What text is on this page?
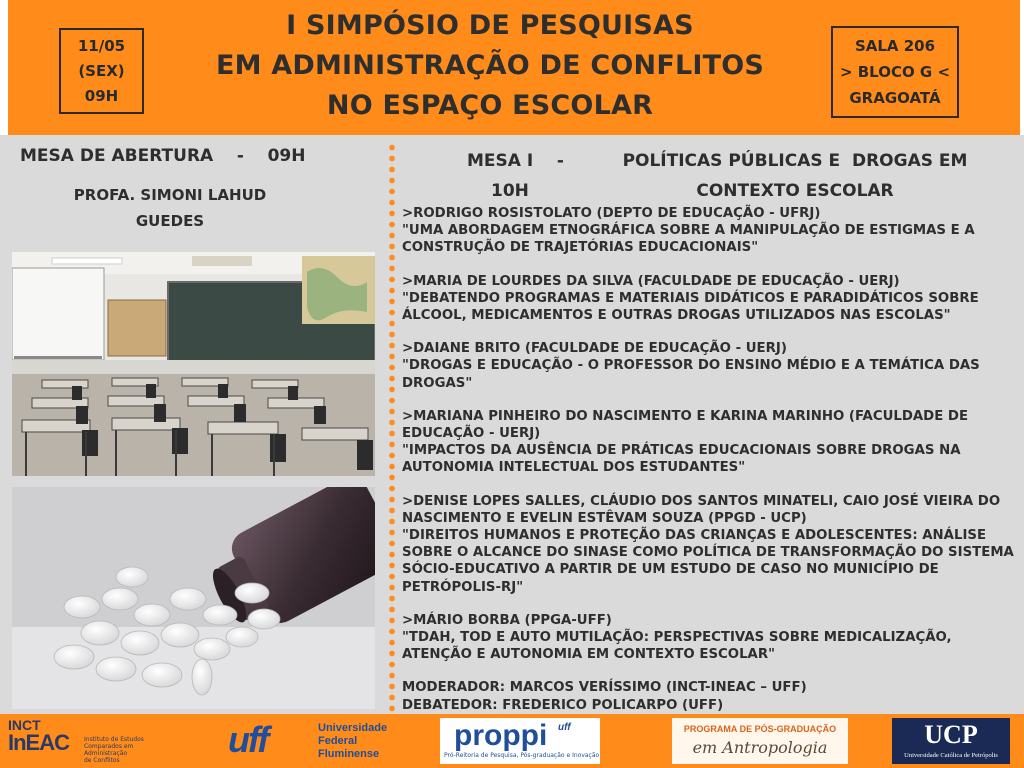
11/05
(SEX)
09H
I SIMPÓSIO DE PESQUISAS
EM ADMINISTRAÇÃO DE CONFLITOS
NO ESPAÇO ESCOLAR
SALA 206
> BLOCO G <
GRAGOATÁ
MESA DE ABERTURA    -    09H
PROFA. SIMONI LAHUD
GUEDES
MESA I    -
10H
POLÍTICAS PÚBLICAS E  DROGAS EM
CONTEXTO ESCOLAR

>RODRIGO ROSISTOLATO (DEPTO DE EDUCAÇÃO - UFRJ)

"UMA ABORDAGEM ETNOGRÁFICA SOBRE A MANIPULAÇÃO DE ESTIGMAS E A CONSTRUÇÃO DE TRAJETÓRIAS EDUCACIONAIS"

>MARIA DE LOURDES DA SILVA (FACULDADE DE EDUCAÇÃO - UERJ)

"DEBATENDO PROGRAMAS E MATERIAIS DIDÁTICOS E PARADIDÁTICOS SOBRE ÁLCOOL, MEDICAMENTOS E OUTRAS DROGAS UTILIZADOS NAS ESCOLAS"

>DAIANE BRITO (FACULDADE DE EDUCAÇÃO - UERJ)

"DROGAS E EDUCAÇÃO - O PROFESSOR DO ENSINO MÉDIO E A TEMÁTICA DAS DROGAS"

>MARIANA PINHEIRO DO NASCIMENTO E KARINA MARINHO (FACULDADE DE EDUCAÇÃO - UERJ)

"IMPACTOS DA AUSÊNCIA DE PRÁTICAS EDUCACIONAIS SOBRE DROGAS NA AUTONOMIA INTELECTUAL DOS ESTUDANTES"

>DENISE LOPES SALLES, CLÁUDIO DOS SANTOS MINATELI, CAIO JOSÉ VIEIRA DO NASCIMENTO E EVELIN ESTÊVAM SOUZA (PPGD - UCP)

"DIREITOS HUMANOS E PROTEÇÃO DAS CRIANÇAS E ADOLESCENTES: ANÁLISE SOBRE O ALCANCE DO SINASE COMO POLÍTICA DE TRANSFORMAÇÃO DO SISTEMA SÓCIO-EDUCATIVO A PARTIR DE UM ESTUDO DE CASO NO MUNICÍPIO DE PETRÓPOLIS-RJ"

>MÁRIO BORBA (PPGA-UFF)

"TDAH, TOD E AUTO MUTILAÇÃO: PERSPECTIVAS SOBRE MEDICALIZAÇÃO, ATENÇÃO E AUTONOMIA EM CONTEXTO ESCOLAR"

MODERADOR: MARCOS VERÍSSIMO (INCT-INEAC – UFF)

DEBATEDOR: FREDERICO POLICARPO (UFF)

INCT
InEAC	Instituto de Estudos
Comparados em Administração
de Conflitos
uff	Universidade
Federal
Fluminense
proppi uff
Pró-Reitoria de Pesquisa, Pós-graduação e Inovação
PROGRAMA DE PÓS-GRADUAÇÃO
em Antropologia	UCP
Universidade Católica de Petrópolis
